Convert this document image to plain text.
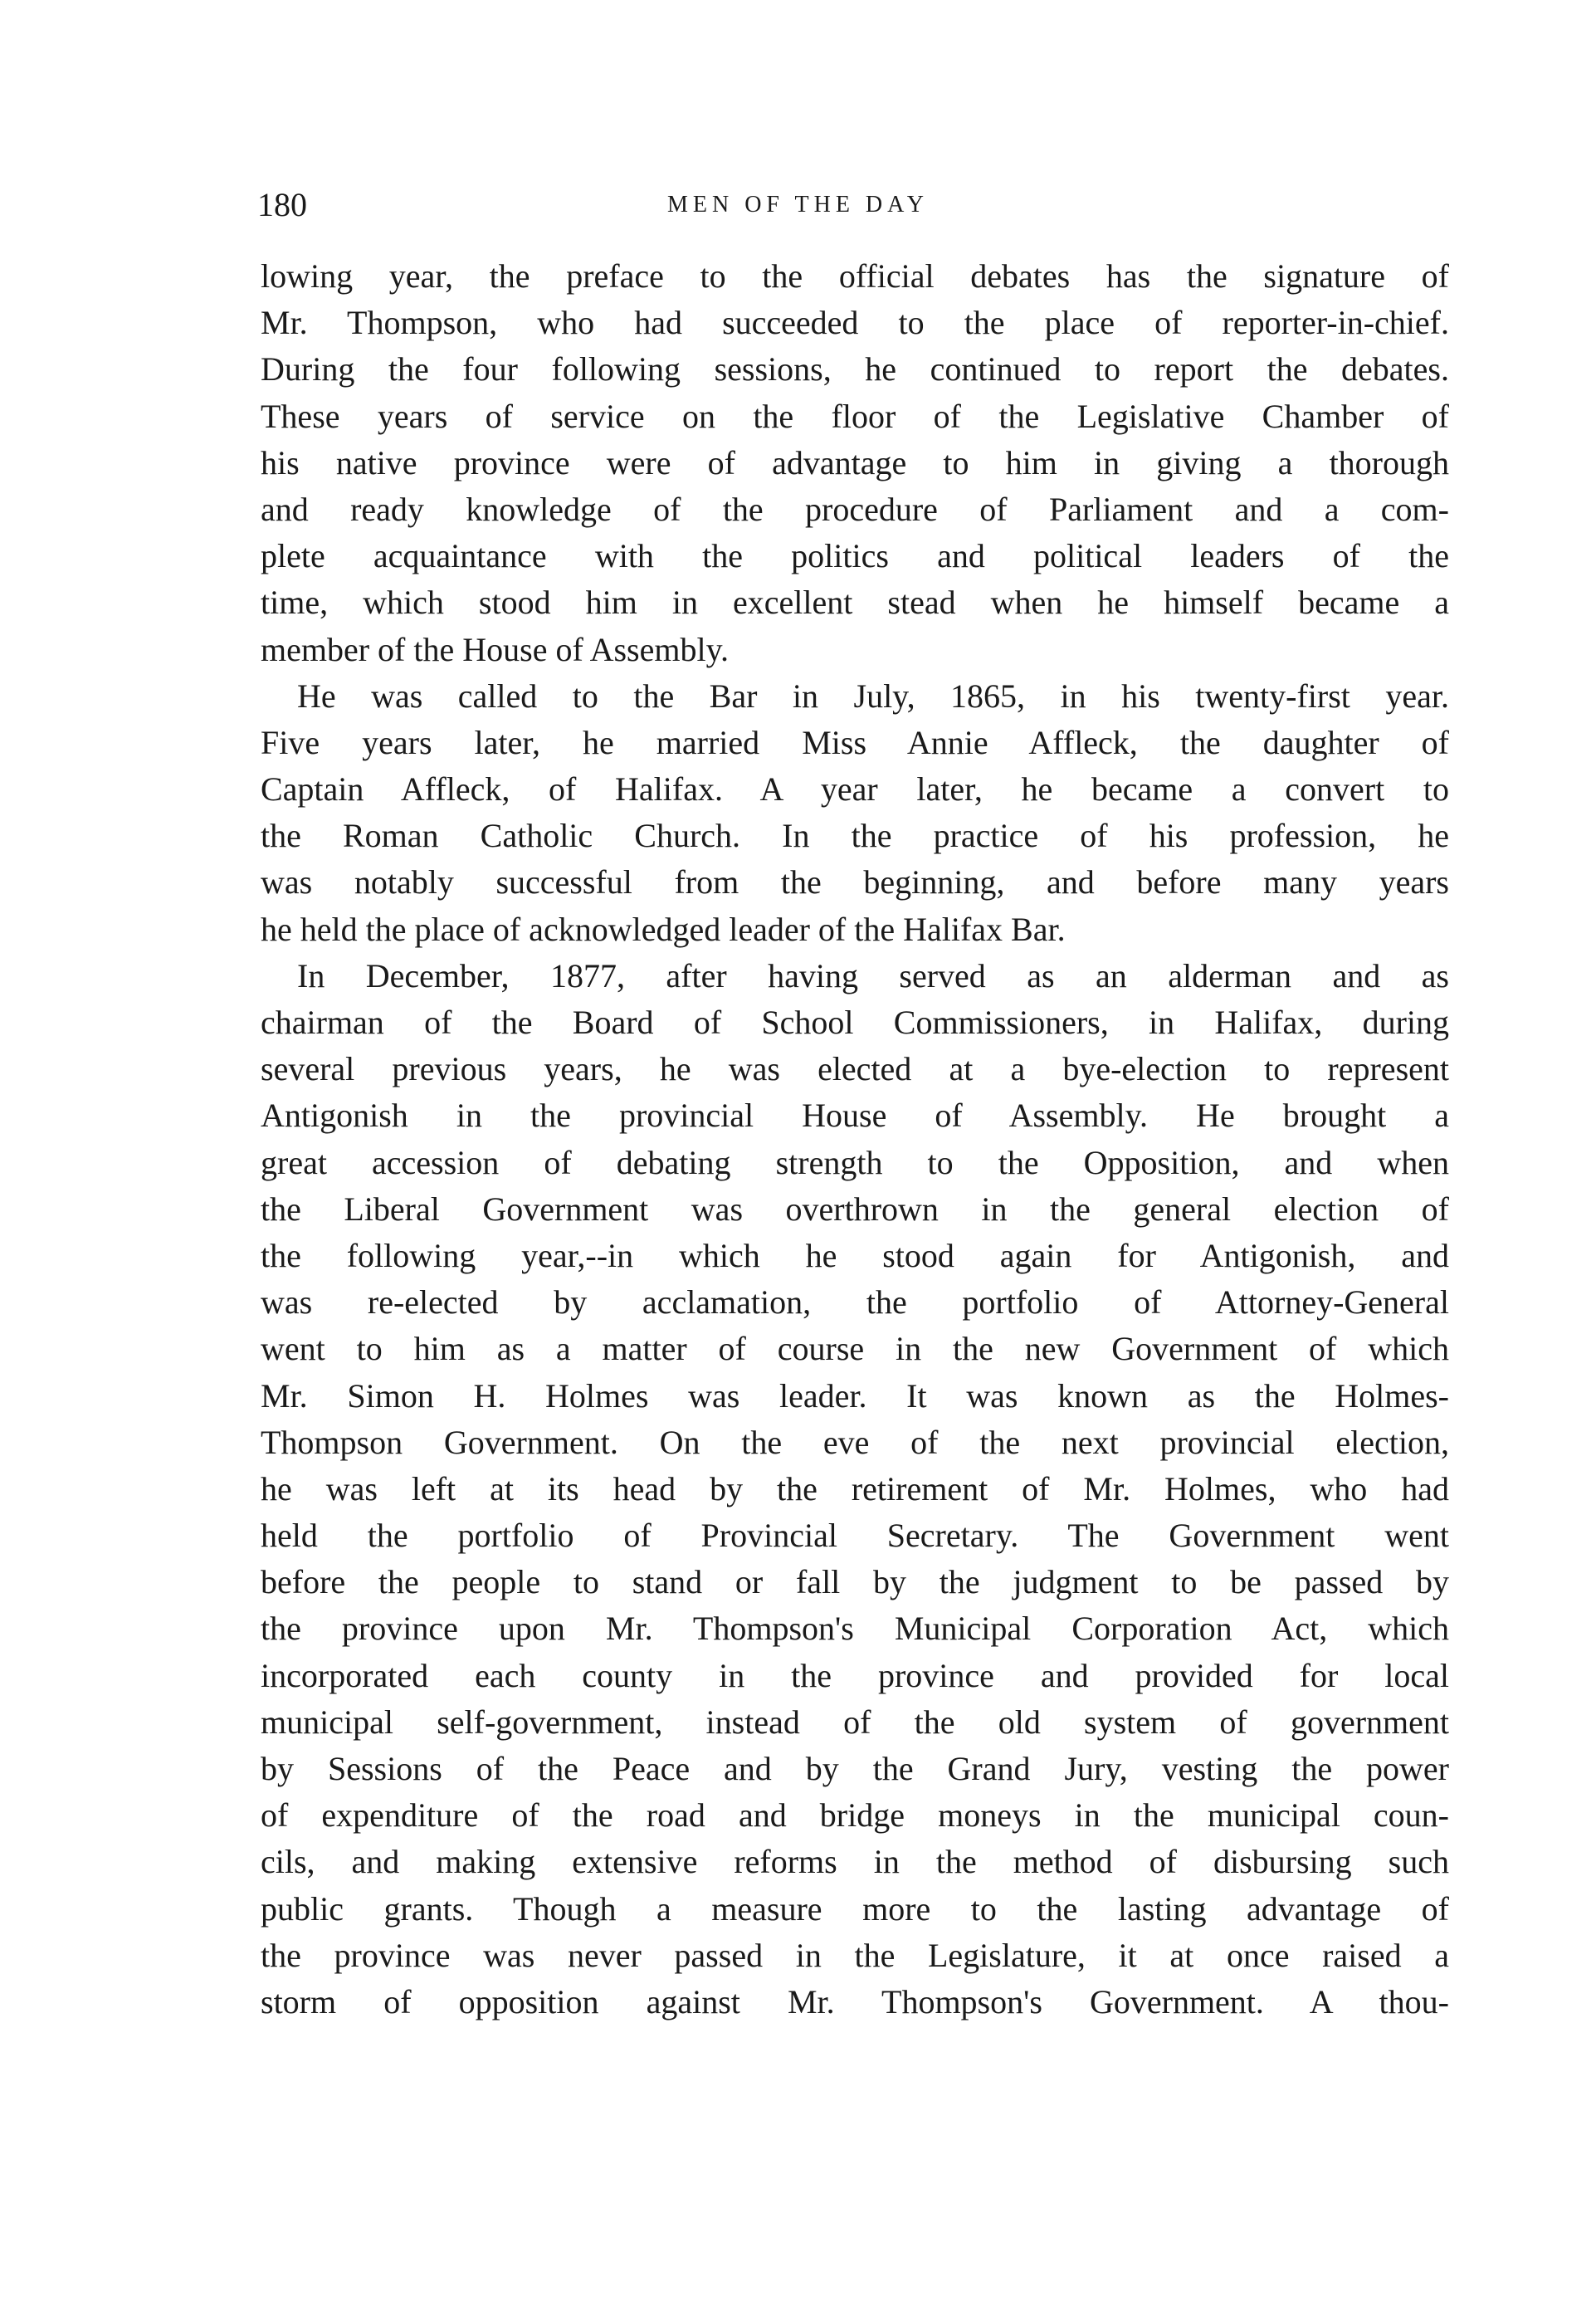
180	MEN OF THE DAY
lowing year, the preface to the official debates has the signature of
Mr. Thompson, who had succeeded to the place of reporter-in-chief.
During the four following sessions, he continued to report the debates.
These years of service on the floor of the Legislative Chamber of
his native province were of advantage to him in giving a thorough
and ready knowledge of the procedure of Parliament and a com-
plete acquaintance with the politics and political leaders of the
time, which stood him in excellent stead when he himself became a
member of the House of Assembly.
He was called to the Bar in July, 1865, in his twenty-first year.
Five years later, he married Miss Annie Affleck, the daughter of
Captain Affleck, of Halifax. A year later, he became a convert to
the Roman Catholic Church. In the practice of his profession, he
was notably successful from the beginning, and before many years
he held the place of acknowledged leader of the Halifax Bar.
In December, 1877, after having served as an alderman and as
chairman of the Board of School Commissioners, in Halifax, during
several previous years, he was elected at a bye-election to represent
Antigonish in the provincial House of Assembly. He brought a
great accession of debating strength to the Opposition, and when
the Liberal Government was overthrown in the general election of
the following year,--in which he stood again for Antigonish, and
was re-elected by acclamation, the portfolio of Attorney-General
went to him as a matter of course in the new Government of which
Mr. Simon H. Holmes was leader. It was known as the Holmes-
Thompson Government. On the eve of the next provincial election,
he was left at its head by the retirement of Mr. Holmes, who had
held the portfolio of Provincial Secretary. The Government went
before the people to stand or fall by the judgment to be passed by
the province upon Mr. Thompson's Municipal Corporation Act, which
incorporated each county in the province and provided for local
municipal self-government, instead of the old system of government
by Sessions of the Peace and by the Grand Jury, vesting the power
of expenditure of the road and bridge moneys in the municipal coun-
cils, and making extensive reforms in the method of disbursing such
public grants. Though a measure more to the lasting advantage of
the province was never passed in the Legislature, it at once raised a
storm of opposition against Mr. Thompson's Government. A thou-
